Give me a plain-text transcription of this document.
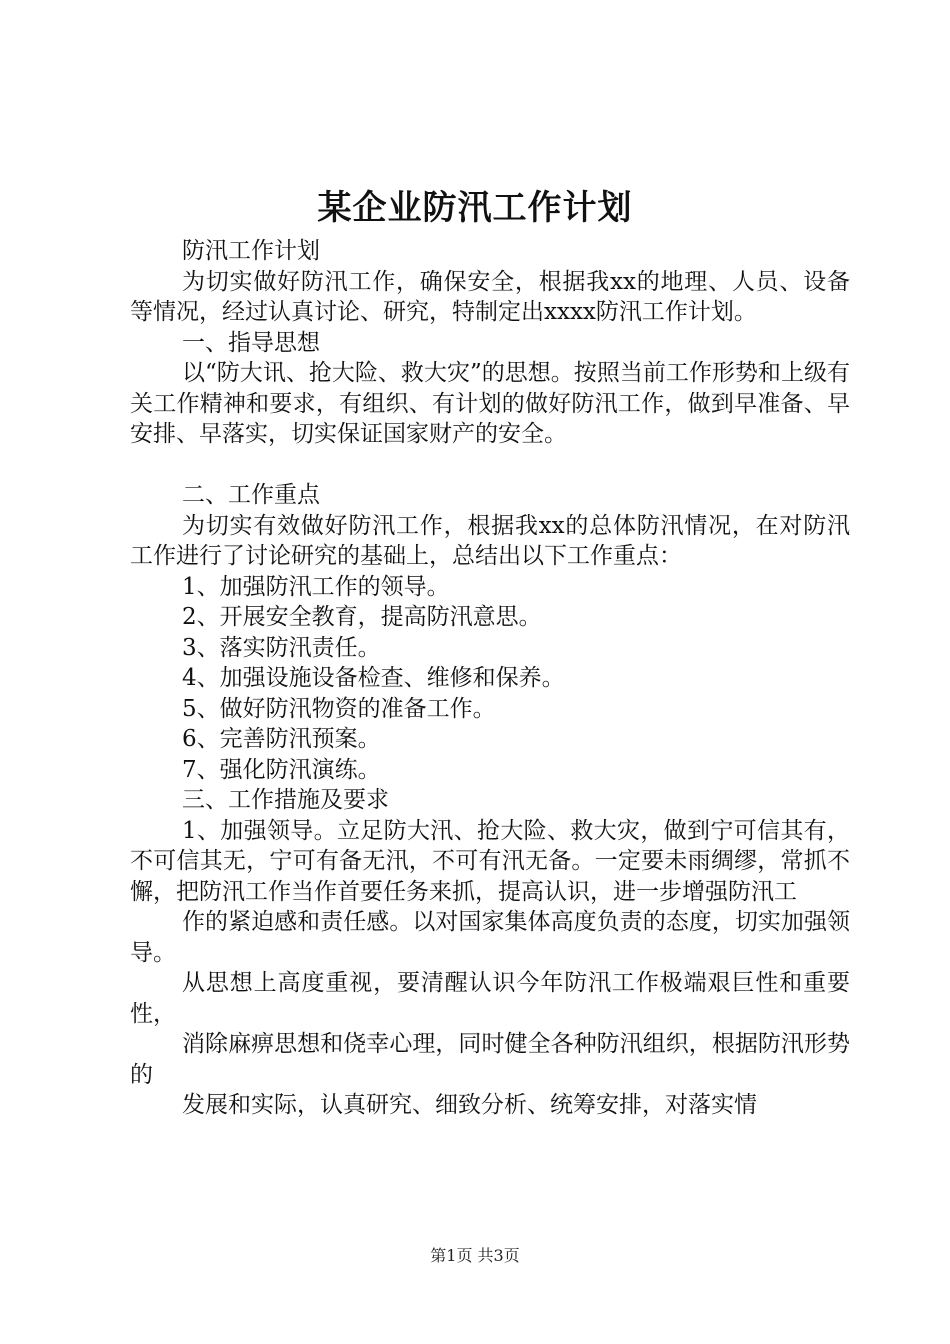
某企业防汛工作计划

防汛工作计划

为切实做好防汛工作，确保安全，根据我xx的地理、人员、设备等情况，经过认真讨论、研究，特制定出xxxx防汛工作计划。

一、指导思想

以“防大讯、抢大险、救大灾”的思想。按照当前工作形势和上级有关工作精神和要求，有组织、有计划的做好防汛工作，做到早准备、早安排、早落实，切实保证国家财产的安全。

二、工作重点

为切实有效做好防汛工作，根据我xx的总体防汛情况，在对防汛工作进行了讨论研究的基础上，总结出以下工作重点：

1、加强防汛工作的领导。

2、开展安全教育，提高防汛意思。

3、落实防汛责任。

4、加强设施设备检查、维修和保养。

5、做好防汛物资的准备工作。

6、完善防汛预案。

7、强化防汛演练。

三、工作措施及要求

1、加强领导。立足防大汛、抢大险、救大灾，做到宁可信其有，不可信其无，宁可有备无汛，不可有汛无备。一定要未雨绸缪，常抓不懈，把防汛工作当作首要任务来抓，提高认识，进一步增强防汛工

作的紧迫感和责任感。以对国家集体高度负责的态度，切实加强领导。

从思想上高度重视，要清醒认识今年防汛工作极端艰巨性和重要性，

消除麻痹思想和侥幸心理，同时健全各种防汛组织，根据防汛形势的

发展和实际，认真研究、细致分析、统筹安排，对落实情

第1页 共3页
